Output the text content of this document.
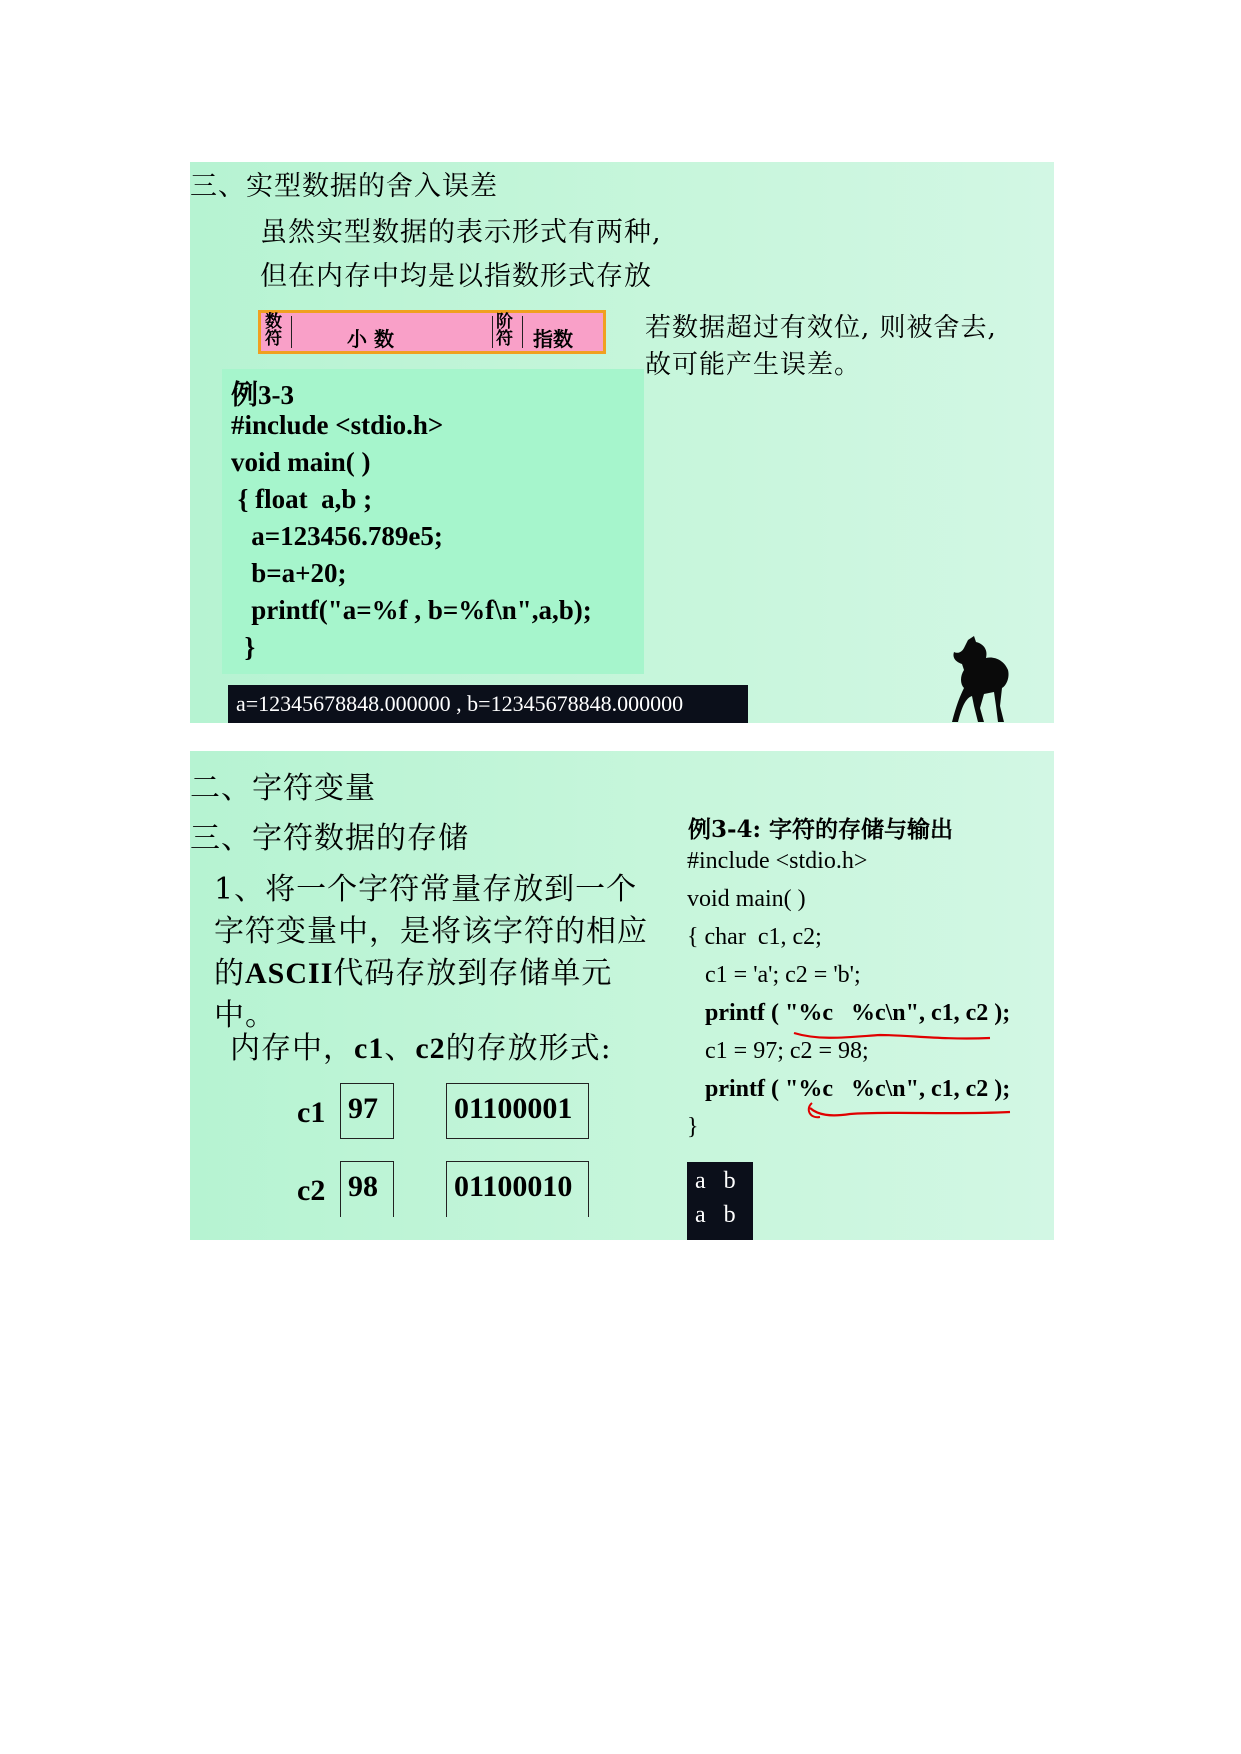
三、实型数据的舍入误差
虽然实型数据的表示形式有两种,
但在内存中均是以指数形式存放
数
符	小 数
阶
符 指数	若数据超过有效位, 则被舍去,
故可能产生误差。
例3-3
#include <stdio.h>
void main( )
{ float  a,b ;
a=123456.789e5;
b=a+20;
printf("a=%f , b=%f\n",a,b);
}
a=12345678848.000000 , b=12345678848.000000
二、字符变量
三、字符数据的存储
1、将一个字符常量存放到一个字符变量中，是将该字符的相应的ASCII代码存放到存储单元中。
内存中，c1、c2的存放形式:
c1 97	01100001
c2 98	01100010
例3-4: 字符的存储与输出
#include <stdio.h>
void main( )
{ char  c1, c2;
c1 = 'a'; c2 = 'b';
printf ( "%c   %c\n", c1, c2 );
c1 = 97; c2 = 98;
printf ( "%c   %c\n", c1, c2 );
}
a   b
a   b
